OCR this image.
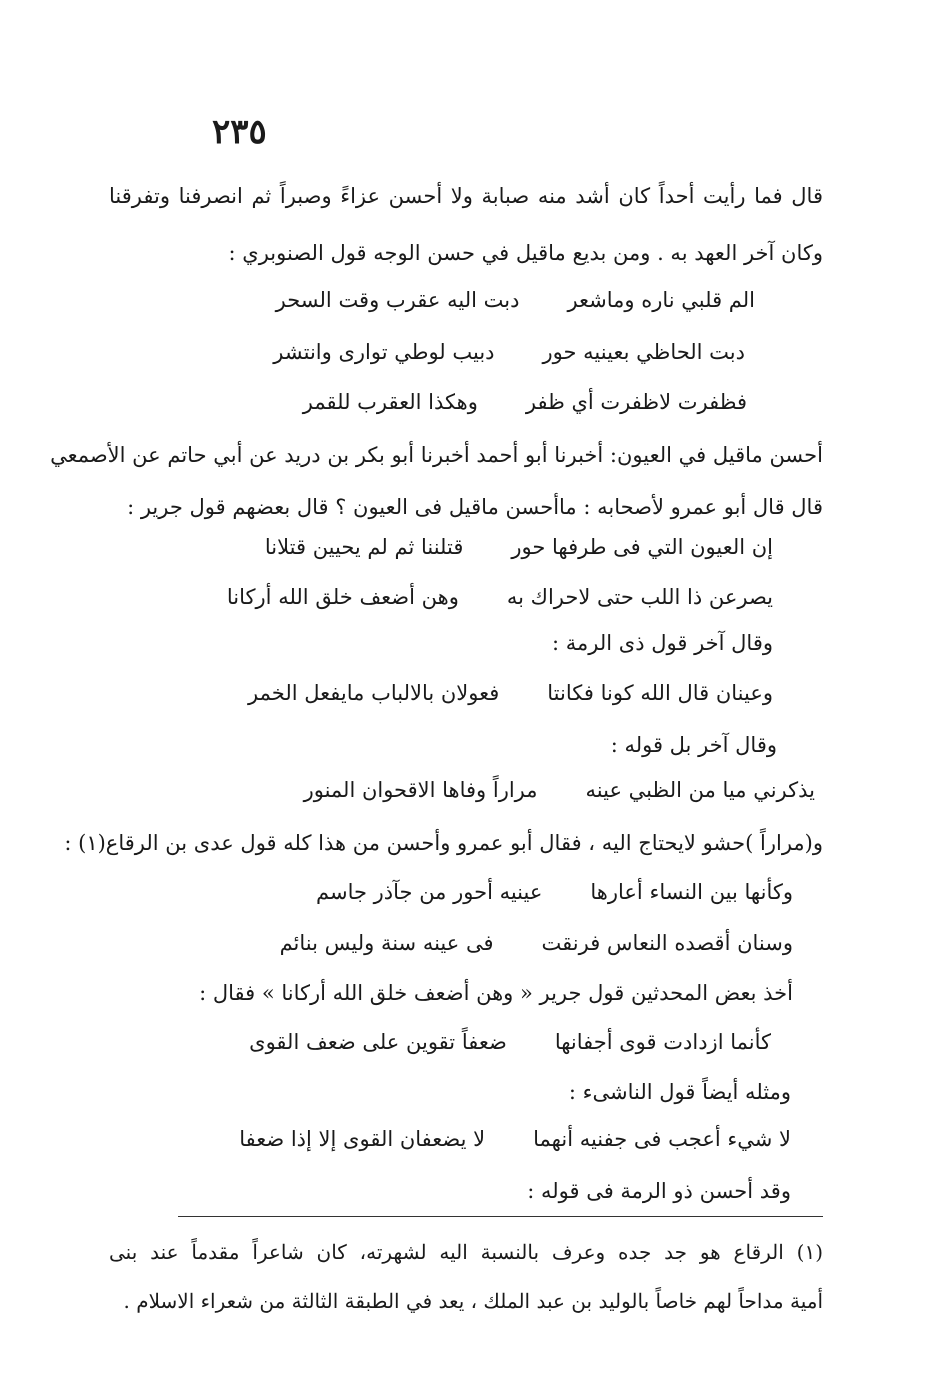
٢٣٥
قال فما رأيت أحداً كان أشد منه صبابة ولا أحسن عزاءً وصبراً ثم انصرفنا وتفرقنا
وكان آخر العهد به . ومن بديع ماقيل في حسن الوجه قول الصنوبري :
الم قلبي ناره وماشعر
دبت اليه عقرب وقت السحر
دبت الحاظي بعينيه حور
دبيب لوطي توارى وانتشر
فظفرت لاظفرت أي ظفر
وهكذا العقرب للقمر
أحسن ماقيل في العيون: أخبرنا أبو أحمد أخبرنا أبو بكر بن دريد عن أبي حاتم عن الأصمعي
قال قال أبو عمرو لأصحابه : ماأحسن ماقيل فى العيون ؟ قال بعضهم قول جرير :
إن العيون التي فى طرفها حور
قتلننا ثم لم يحيين قتلانا
يصرعن ذا اللب حتى لاحراك به
وهن أضعف خلق الله أركانا
وقال آخر قول ذى الرمة :
وعينان قال الله كونا فكانتا
فعولان بالالباب مايفعل الخمر
وقال آخر بل قوله :
يذكرني ميا من الظبي عينه
مراراً وفاها الاقحوان المنور
و(مراراً )حشو لايحتاج اليه ، فقال أبو عمرو وأحسن من هذا كله قول عدى بن الرقاع(١) :
وكأنها بين النساء أعارها
عينيه أحور من جآذر جاسم
وسنان أقصده النعاس فرنقت
فى عينه سنة وليس بنائم
أخذ بعض المحدثين قول جرير « وهن أضعف خلق الله أركانا » فقال :
كأنما ازدادت قوى أجفانها
ضعفاً تقوين على ضعف القوى
ومثله أيضاً قول الناشىء :
لا شيء أعجب فى جفنيه أنهما
لا يضعفان القوى إلا إذا ضعفا
وقد أحسن ذو الرمة فى قوله :
(١) الرقاع هو جد جده وعرف بالنسبة اليه لشهرته، كان شاعراً مقدماً عند بنى
أمية مداحاً لهم خاصاً بالوليد بن عبد الملك ، يعد في الطبقة الثالثة من شعراء الاسلام .
